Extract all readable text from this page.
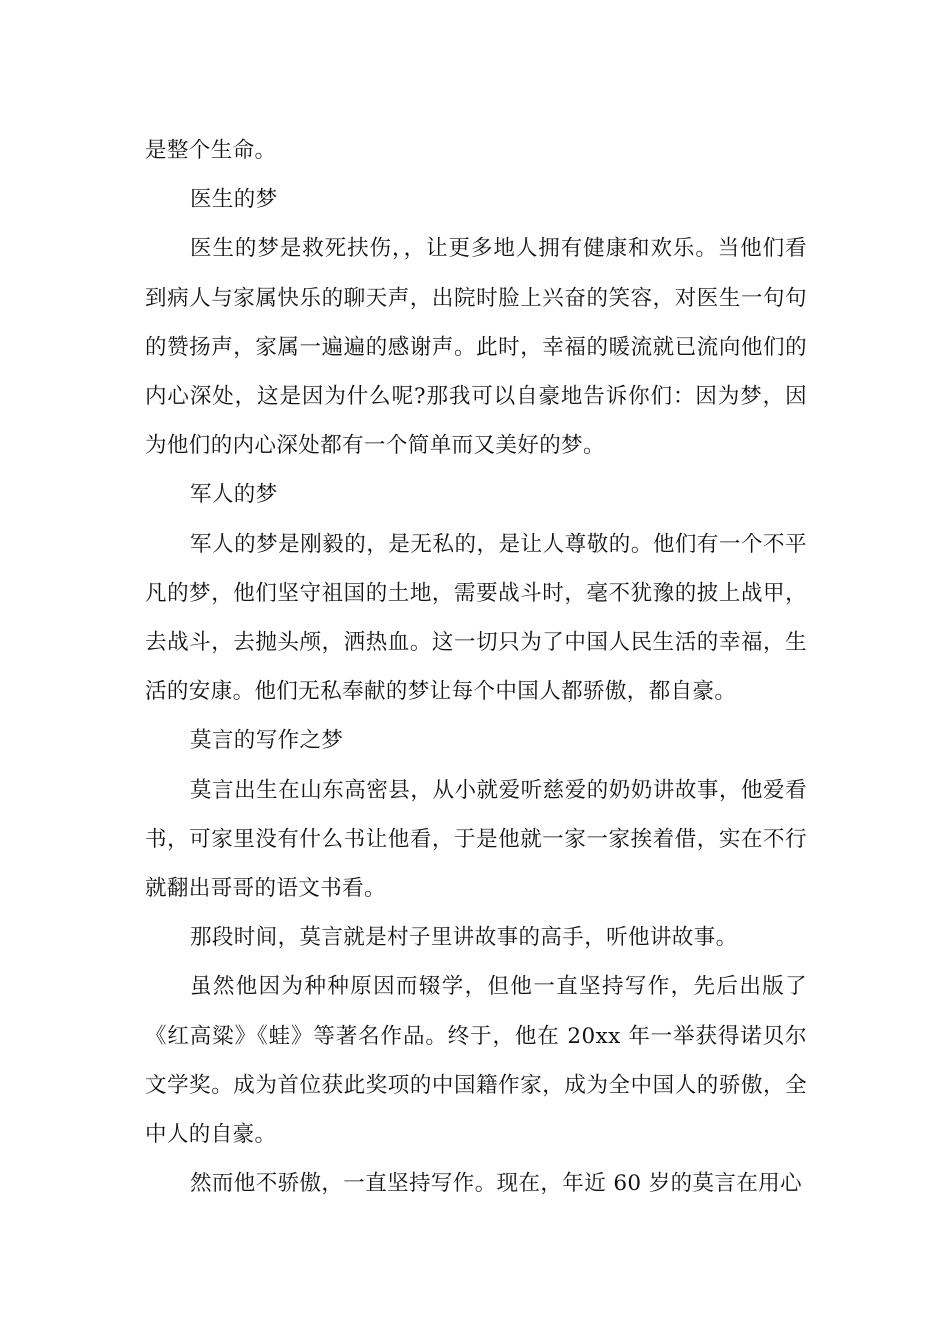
是整个生命。

医生的梦

医生的梦是救死扶伤，，让更多地人拥有健康和欢乐。当他们看到病人与家属快乐的聊天声，出院时脸上兴奋的笑容，对医生一句句的赞扬声，家属一遍遍的感谢声。此时，幸福的暖流就已流向他们的内心深处，这是因为什么呢?那我可以自豪地告诉你们：因为梦，因为他们的内心深处都有一个简单而又美好的梦。

军人的梦

军人的梦是刚毅的，是无私的，是让人尊敬的。他们有一个不平凡的梦，他们坚守祖国的土地，需要战斗时，毫不犹豫的披上战甲，去战斗，去抛头颅，洒热血。这一切只为了中国人民生活的幸福，生活的安康。他们无私奉献的梦让每个中国人都骄傲，都自豪。

莫言的写作之梦

莫言出生在山东高密县，从小就爱听慈爱的奶奶讲故事，他爱看书，可家里没有什么书让他看，于是他就一家一家挨着借，实在不行就翻出哥哥的语文书看。

那段时间，莫言就是村子里讲故事的高手，听他讲故事。

虽然他因为种种原因而辍学，但他一直坚持写作，先后出版了《红高粱》《蛙》等著名作品。终于，他在 20xx 年一举获得诺贝尔文学奖。成为首位获此奖项的中国籍作家，成为全中国人的骄傲，全中人的自豪。

然而他不骄傲，一直坚持写作。现在，年近 60 岁的莫言在用心
